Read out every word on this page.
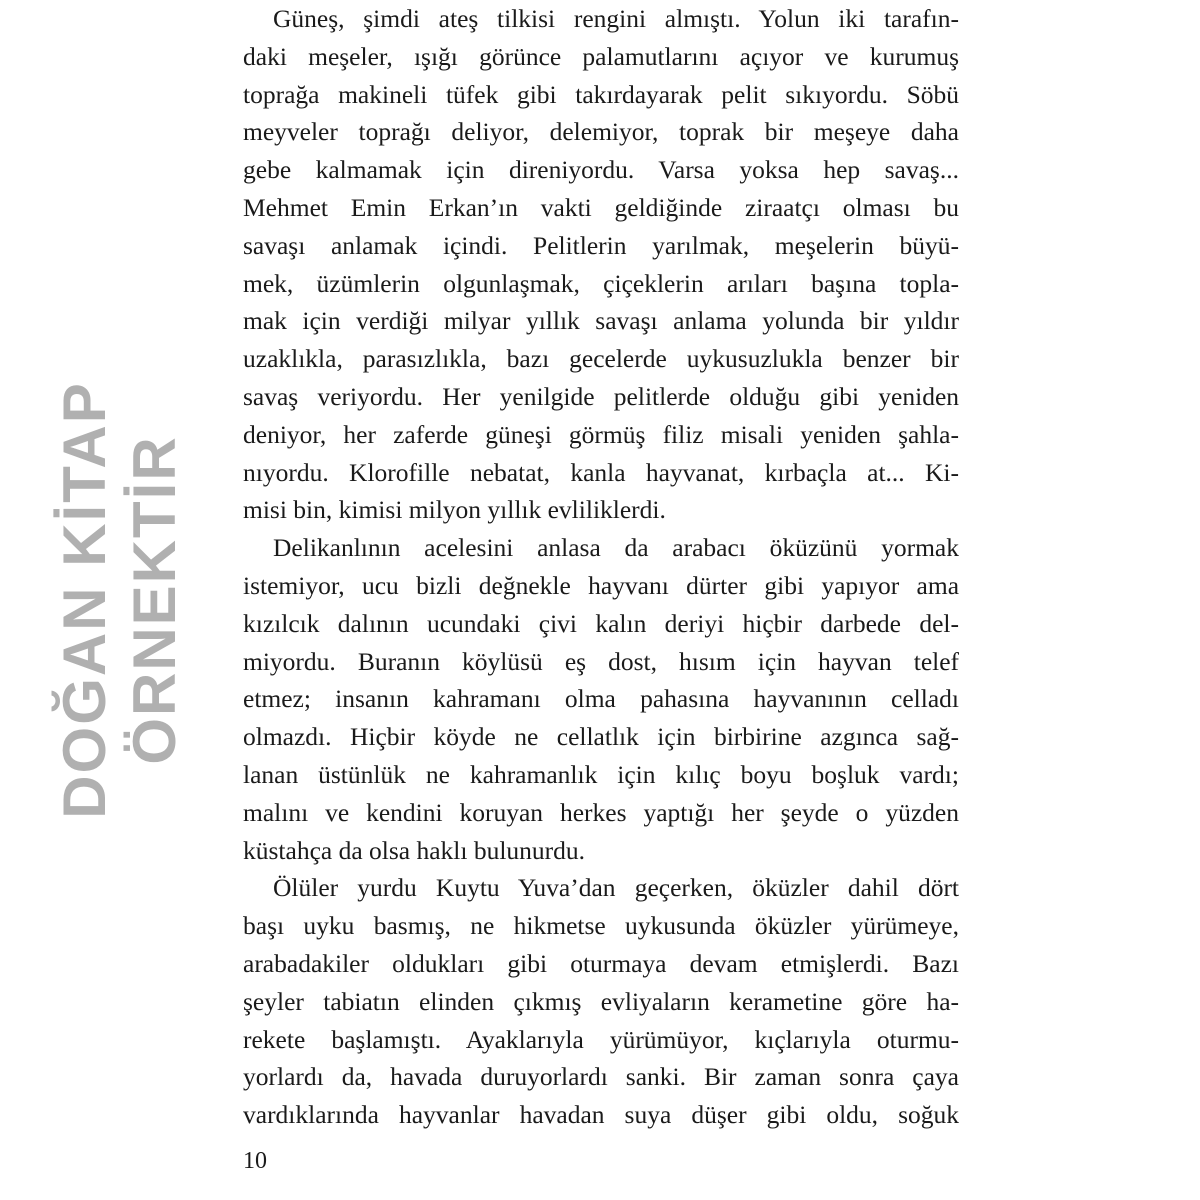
Güneş, şimdi ateş tilkisi rengini almıştı. Yolun iki tarafın-
daki meşeler, ışığı görünce palamutlarını açıyor ve kurumuş
toprağa makineli tüfek gibi takırdayarak pelit sıkıyordu. Söbü
meyveler toprağı deliyor, delemiyor, toprak bir meşeye daha
gebe kalmamak için direniyordu. Varsa yoksa hep savaş...
Mehmet Emin Erkan’ın vakti geldiğinde ziraatçı olması bu
savaşı anlamak içindi. Pelitlerin yarılmak, meşelerin büyü-
mek, üzümlerin olgunlaşmak, çiçeklerin arıları başına topla-
mak için verdiği milyar yıllık savaşı anlama yolunda bir yıldır
uzaklıkla, parasızlıkla, bazı gecelerde uykusuzlukla benzer bir
savaş veriyordu. Her yenilgide pelitlerde olduğu gibi yeniden
deniyor, her zaferde güneşi görmüş filiz misali yeniden şahla-
nıyordu. Klorofille nebatat, kanla hayvanat, kırbaçla at... Ki-
misi bin, kimisi milyon yıllık evliliklerdi.
Delikanlının acelesini anlasa da arabacı öküzünü yormak
istemiyor, ucu bizli değnekle hayvanı dürter gibi yapıyor ama
kızılcık dalının ucundaki çivi kalın deriyi hiçbir darbede del-
miyordu. Buranın köylüsü eş dost, hısım için hayvan telef
etmez; insanın kahramanı olma pahasına hayvanının celladı
olmazdı. Hiçbir köyde ne cellatlık için birbirine azgınca sağ-
lanan üstünlük ne kahramanlık için kılıç boyu boşluk vardı;
malını ve kendini koruyan herkes yaptığı her şeyde o yüzden
küstahça da olsa haklı bulunurdu.
Ölüler yurdu Kuytu Yuva’dan geçerken, öküzler dahil dört
başı uyku basmış, ne hikmetse uykusunda öküzler yürümeye,
arabadakiler oldukları gibi oturmaya devam etmişlerdi. Bazı
şeyler tabiatın elinden çıkmış evliyaların kerametine göre ha-
rekete başlamıştı. Ayaklarıyla yürümüyor, kıçlarıyla oturmu-
yorlardı da, havada duruyorlardı sanki. Bir zaman sonra çaya
vardıklarında hayvanlar havadan suya düşer gibi oldu, soğuk
DOĞAN KİTAP ÖRNEKTİR
10
